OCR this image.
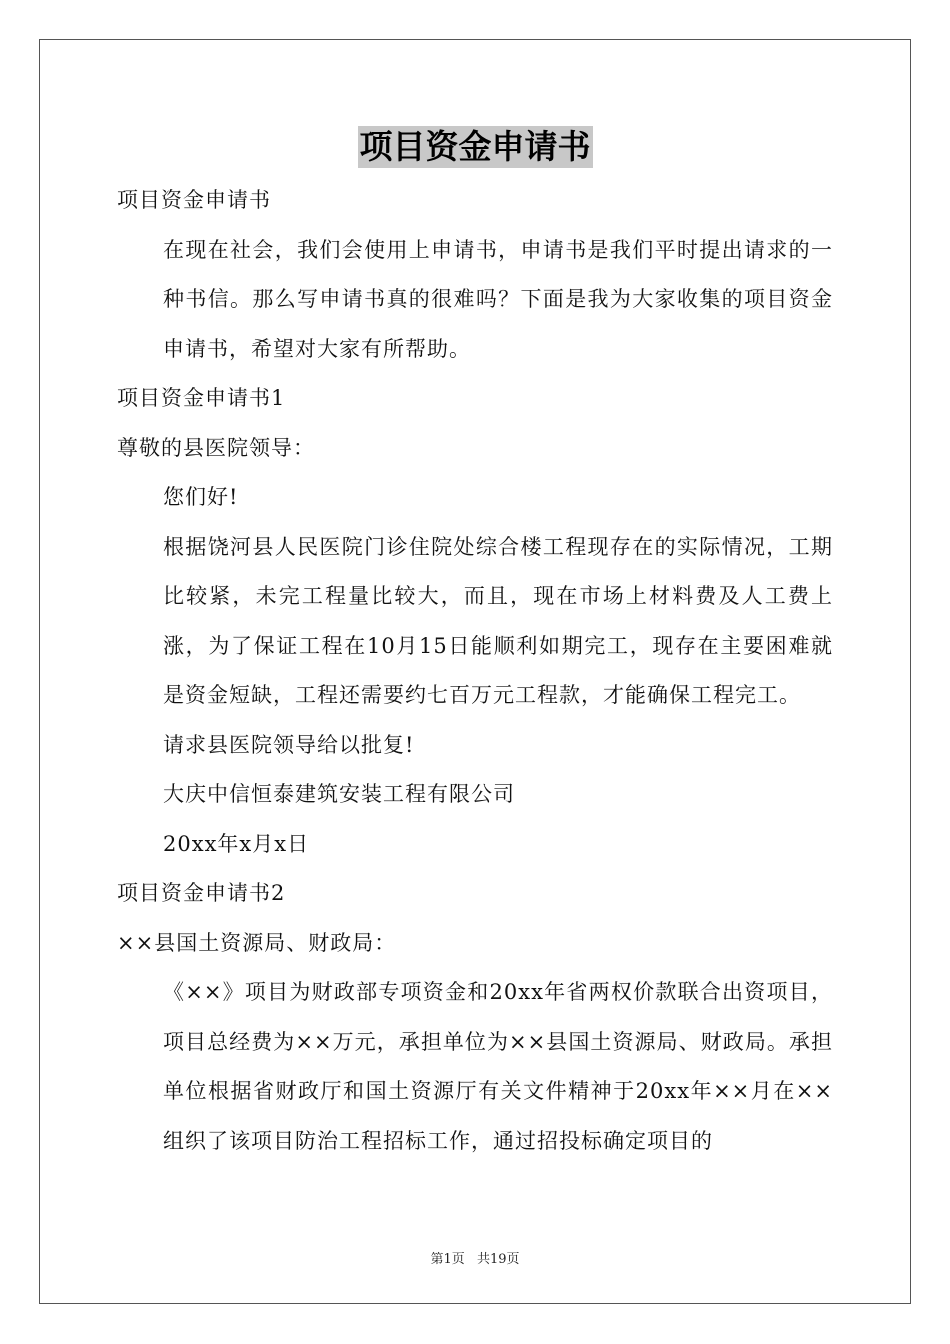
项目资金申请书

项目资金申请书

在现在社会，我们会使用上申请书，申请书是我们平时提出请求的一种书信。那么写申请书真的很难吗？下面是我为大家收集的项目资金申请书，希望对大家有所帮助。

项目资金申请书1

尊敬的县医院领导：

您们好!

根据饶河县人民医院门诊住院处综合楼工程现存在的实际情况，工期比较紧，未完工程量比较大，而且，现在市场上材料费及人工费上涨，为了保证工程在10月15日能顺利如期完工，现存在主要困难就是资金短缺，工程还需要约七百万元工程款，才能确保工程完工。

请求县医院领导给以批复!

大庆中信恒泰建筑安装工程有限公司

20xx年x月x日

项目资金申请书2

××县国土资源局、财政局：

《××》项目为财政部专项资金和20xx年省两权价款联合出资项目，项目总经费为××万元，承担单位为××县国土资源局、财政局。承担单位根据省财政厅和国土资源厅有关文件精神于20xx年××月在××组织了该项目防治工程招标工作，通过招投标确定项目的

第1页 共19页
